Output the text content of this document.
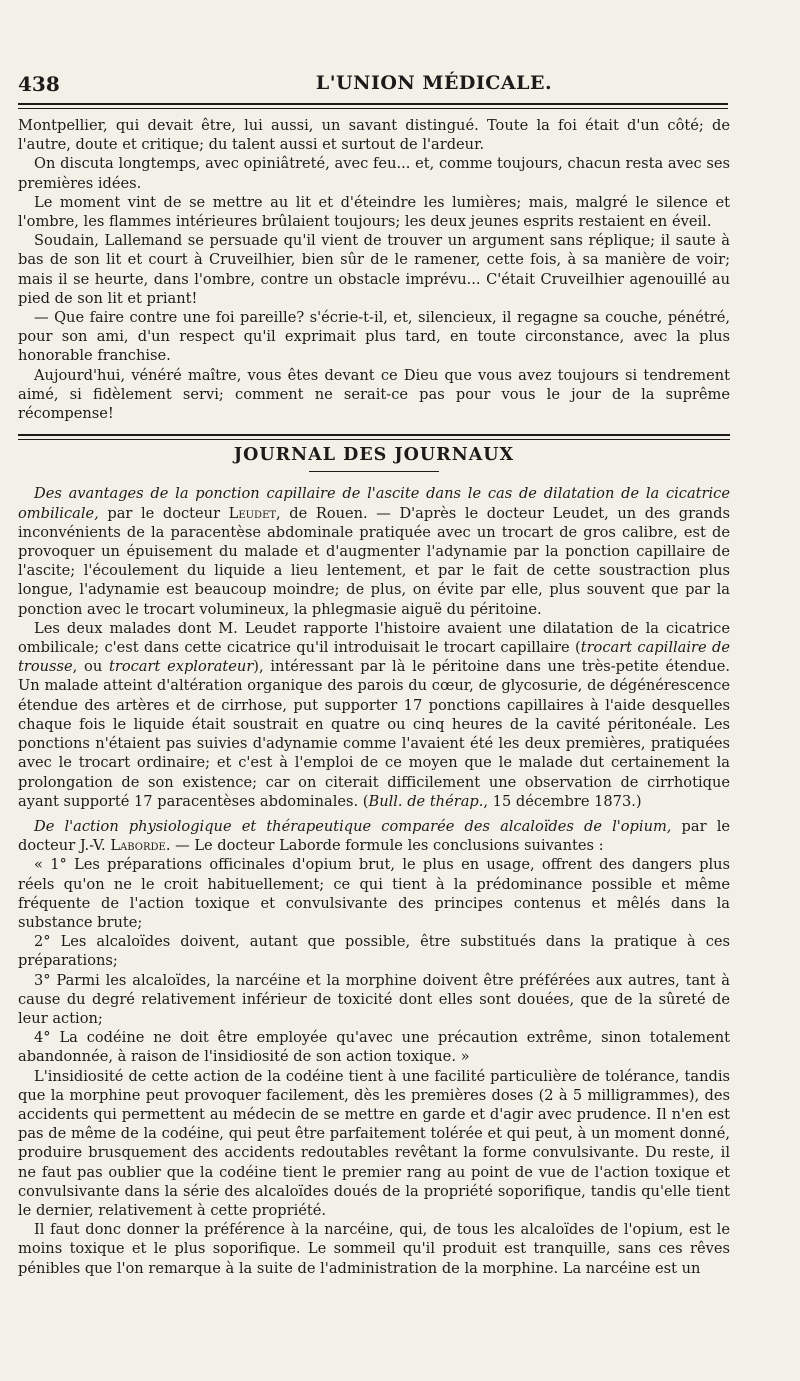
438	L'UNION MÉDICALE.

Montpellier, qui devait être, lui aussi, un savant distingué. Toute la foi était d'un côté; de l'autre, doute et critique; du talent aussi et surtout de l'ardeur.

On discuta longtemps, avec opiniâtreté, avec feu... et, comme toujours, chacun resta avec ses premières idées.

Le moment vint de se mettre au lit et d'éteindre les lumières; mais, malgré le silence et l'ombre, les flammes intérieures brûlaient toujours; les deux jeunes esprits restaient en éveil.

Soudain, Lallemand se persuade qu'il vient de trouver un argument sans réplique; il saute à bas de son lit et court à Cruveilhier, bien sûr de le ramener, cette fois, à sa manière de voir; mais il se heurte, dans l'ombre, contre un obstacle imprévu... C'était Cruveilhier agenouillé au pied de son lit et priant!

— Que faire contre une foi pareille? s'écrie-t-il, et, silencieux, il regagne sa couche, pénétré, pour son ami, d'un respect qu'il exprimait plus tard, en toute circonstance, avec la plus honorable franchise.

Aujourd'hui, vénéré maître, vous êtes devant ce Dieu que vous avez toujours si tendrement aimé, si fidèlement servi; comment ne serait-ce pas pour vous le jour de la suprême récompense!

JOURNAL DES JOURNAUX

Des avantages de la ponction capillaire de l'ascite dans le cas de dilatation de la cicatrice ombilicale, par le docteur Leudet, de Rouen. — D'après le docteur Leudet, un des grands inconvénients de la paracentèse abdominale pratiquée avec un trocart de gros calibre, est de provoquer un épuisement du malade et d'augmenter l'adynamie par la ponction capillaire de l'ascite; l'écoulement du liquide a lieu lentement, et par le fait de cette soustraction plus longue, l'adynamie est beaucoup moindre; de plus, on évite par elle, plus souvent que par la ponction avec le trocart volumineux, la phlegmasie aiguë du péritoine.

Les deux malades dont M. Leudet rapporte l'histoire avaient une dilatation de la cicatrice ombilicale; c'est dans cette cicatrice qu'il introduisait le trocart capillaire (trocart capillaire de trousse, ou trocart explorateur), intéressant par là le péritoine dans une très-petite étendue. Un malade atteint d'altération organique des parois du cœur, de glycosurie, de dégénérescence étendue des artères et de cirrhose, put supporter 17 ponctions capillaires à l'aide desquelles chaque fois le liquide était soustrait en quatre ou cinq heures de la cavité péritonéale. Les ponctions n'étaient pas suivies d'adynamie comme l'avaient été les deux premières, pratiquées avec le trocart ordinaire; et c'est à l'emploi de ce moyen que le malade dut certainement la prolongation de son existence; car on citerait difficilement une observation de cirrhotique ayant supporté 17 paracentèses abdominales. (Bull. de thérap., 15 décembre 1873.)

De l'action physiologique et thérapeutique comparée des alcaloïdes de l'opium, par le docteur J.-V. Laborde. — Le docteur Laborde formule les conclusions suivantes :

« 1° Les préparations officinales d'opium brut, le plus en usage, offrent des dangers plus réels qu'on ne le croit habituellement; ce qui tient à la prédominance possible et même fréquente de l'action toxique et convulsivante des principes contenus et mêlés dans la substance brute;

2° Les alcaloïdes doivent, autant que possible, être substitués dans la pratique à ces préparations;

3° Parmi les alcaloïdes, la narcéine et la morphine doivent être préférées aux autres, tant à cause du degré relativement inférieur de toxicité dont elles sont douées, que de la sûreté de leur action;

4° La codéine ne doit être employée qu'avec une précaution extrême, sinon totalement abandonnée, à raison de l'insidiosité de son action toxique. »

L'insidiosité de cette action de la codéine tient à une facilité particulière de tolérance, tandis que la morphine peut provoquer facilement, dès les premières doses (2 à 5 milligrammes), des accidents qui permettent au médecin de se mettre en garde et d'agir avec prudence. Il n'en est pas de même de la codéine, qui peut être parfaitement tolérée et qui peut, à un moment donné, produire brusquement des accidents redoutables revêtant la forme convulsivante. Du reste, il ne faut pas oublier que la codéine tient le premier rang au point de vue de l'action toxique et convulsivante dans la série des alcaloïdes doués de la propriété soporifique, tandis qu'elle tient le dernier, relativement à cette propriété.

Il faut donc donner la préférence à la narcéine, qui, de tous les alcaloïdes de l'opium, est le moins toxique et le plus soporifique. Le sommeil qu'il produit est tranquille, sans ces rêves pénibles que l'on remarque à la suite de l'administration de la morphine. La narcéine est un
